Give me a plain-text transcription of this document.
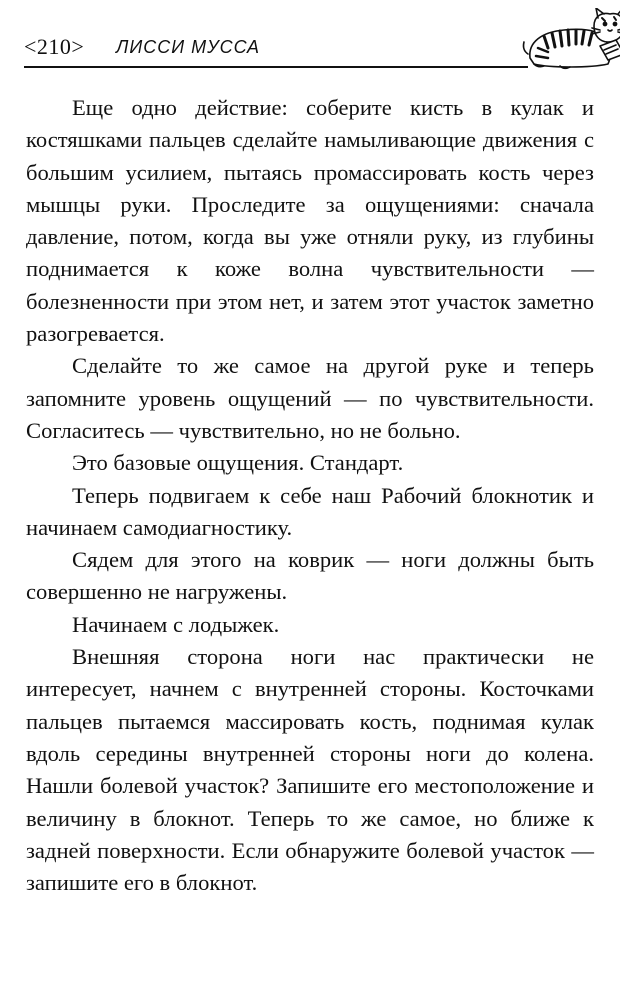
<210> ЛИССИ МУССА

Еще одно действие: соберите кисть в кулак и костяшками пальцев сделайте намыливающие движения с большим усилием, пытаясь промассировать кость через мышцы руки. Проследите за ощущениями: сначала давление, потом, когда вы уже отняли руку, из глубины поднимается к коже волна чувствительности — болезненности при этом нет, и затем этот участок заметно разогревается.

Сделайте то же самое на другой руке и теперь запомните уровень ощущений — по чувствительности. Согласитесь — чувствительно, но не больно.

Это базовые ощущения. Стандарт.

Теперь подвигаем к себе наш Рабочий блокнотик и начинаем самодиагностику.

Сядем для этого на коврик — ноги должны быть совершенно не нагружены.

Начинаем с лодыжек.

Внешняя сторона ноги нас практически не интересует, начнем с внутренней стороны. Косточками пальцев пытаемся массировать кость, поднимая кулак вдоль середины внутренней стороны ноги до колена. Нашли болевой участок? Запишите его местоположение и величину в блокнот. Теперь то же самое, но ближе к задней поверхности. Если обнаружите болевой участок — запишите его в блокнот.
